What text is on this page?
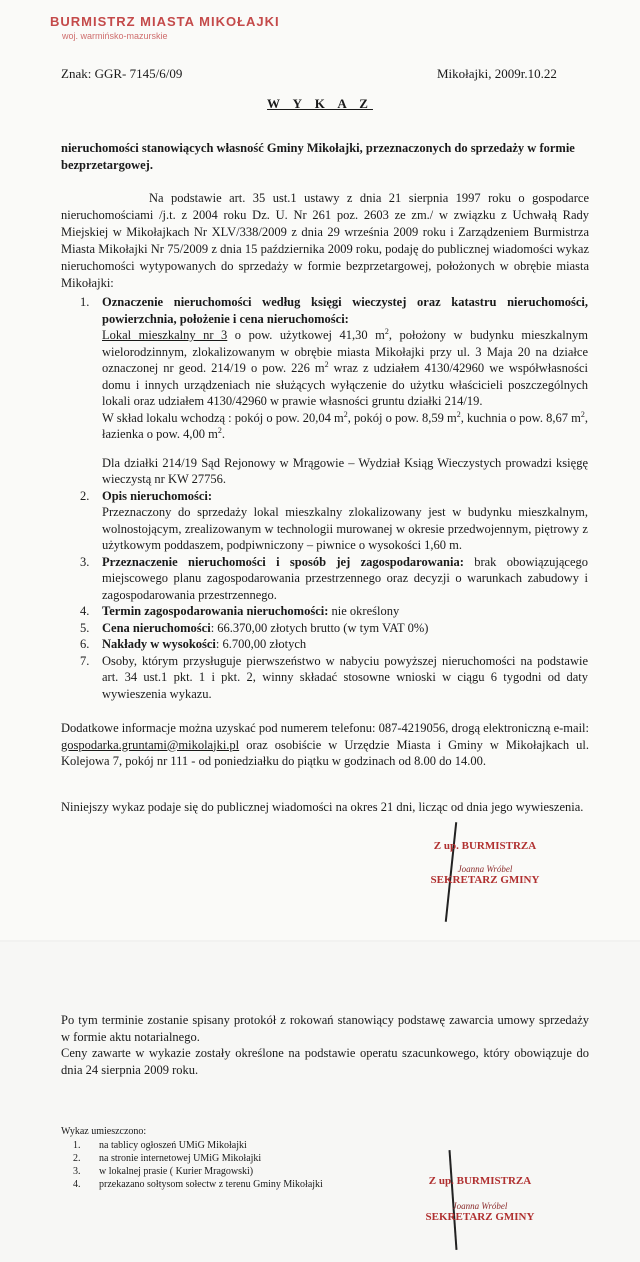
BURMISTRZ MIASTA MIKOŁAJKI
woj. warmińsko-mazurskie
Znak: GGR- 7145/6/09	Mikołajki, 2009r.10.22
W Y K A Z
nieruchomości stanowiących własność Gminy Mikołajki, przeznaczonych do sprzedaży w formie bezprzetargowej.
Na podstawie art. 35 ust.1 ustawy z dnia 21 sierpnia 1997 roku o gospodarce nieruchomościami /j.t. z 2004 roku Dz. U. Nr 261 poz. 2603 ze zm./ w związku z Uchwałą Rady Miejskiej w Mikołajkach Nr XLV/338/2009 z dnia 29 września 2009 roku i Zarządzeniem Burmistrza Miasta Mikołajki Nr 75/2009 z dnia 15 października 2009 roku, podaję do publicznej wiadomości wykaz nieruchomości wytypowanych do sprzedaży w formie bezprzetargowej, położonych w obrębie miasta Mikołajki:
1. Oznaczenie nieruchomości według księgi wieczystej oraz katastru nieruchomości, powierzchnia, położenie i cena nieruchomości:
Lokal mieszkalny nr 3 o pow. użytkowej 41,30 $m^2$, położony w budynku mieszkalnym wielorodzinnym, zlokalizowanym w obrębie miasta Mikołajki przy ul. 3 Maja 20 na działce oznaczonej nr geod. 214/19 o pow. 226 $m^2$ wraz z udziałem 4130/42960 we współwłasności domu i innych urządzeniach nie służących wyłączenie do użytku właścicieli poszczególnych lokali oraz udziałem 4130/42960 w prawie własności gruntu działki 214/19.
W skład lokalu wchodzą : pokój o pow. 20,04 $m^2$, pokój o pow. 8,59 $m^2$, kuchnia o pow. 8,67 $m^2$, łazienka o pow. 4,00 $m^2$.
Dla działki 214/19 Sąd Rejonowy w Mrągowie – Wydział Ksiąg Wieczystych prowadzi księgę wieczystą nr KW 27756.
2. Opis nieruchomości:
Przeznaczony do sprzedaży lokal mieszkalny zlokalizowany jest w budynku mieszkalnym, wolnostojącym, zrealizowanym w technologii murowanej w okresie przedwojennym, piętrowy z użytkowym poddaszem, podpiwniczony – piwnice o wysokości 1,60 m.
3. Przeznaczenie nieruchomości i sposób jej zagospodarowania: brak obowiązującego miejscowego planu zagospodarowania przestrzennego oraz decyzji o warunkach zabudowy i zagospodarowania przestrzennego.
4. Termin zagospodarowania nieruchomości: nie określony
5. Cena nieruchomości: 66.370,00 złotych brutto (w tym VAT 0%)
6. Nakłady w wysokości: 6.700,00 złotych
7. Osoby, którym przysługuje pierwszeństwo w nabyciu powyższej nieruchomości na podstawie art. 34 ust.1 pkt. 1 i pkt. 2, winny składać stosowne wnioski w ciągu 6 tygodni od daty wywieszenia wykazu.
Dodatkowe informacje można uzyskać pod numerem telefonu: 087-4219056, drogą elektroniczną e-mail: gospodarka.gruntami@mikolajki.pl oraz osobiście w Urzędzie Miasta i Gminy w Mikołajkach ul. Kolejowa 7, pokój nr 111 - od poniedziałku do piątku w godzinach od 8.00 do 14.00.
Niniejszy wykaz podaje się do publicznej wiadomości na okres 21 dni, licząc od dnia jego wywieszenia.
Z up. BURMISTRZA
Joanna Wróbel
SEKRETARZ GMINY
Po tym terminie zostanie spisany protokół z rokowań stanowiący podstawę zawarcia umowy sprzedaży w formie aktu notarialnego.
Ceny zawarte w wykazie zostały określone na podstawie operatu szacunkowego, który obowiązuje do dnia 24 sierpnia 2009 roku.
Wykaz umieszczono:
1. na tablicy ogłoszeń UMiG Mikołajki
2. na stronie internetowej UMiG Mikołajki
3. w lokalnej prasie ( Kurier Mragowski)
4. przekazano sołtysom sołectw z terenu Gminy Mikołajki	Z up. BURMISTRZA
Joanna Wróbel
SEKRETARZ GMINY
